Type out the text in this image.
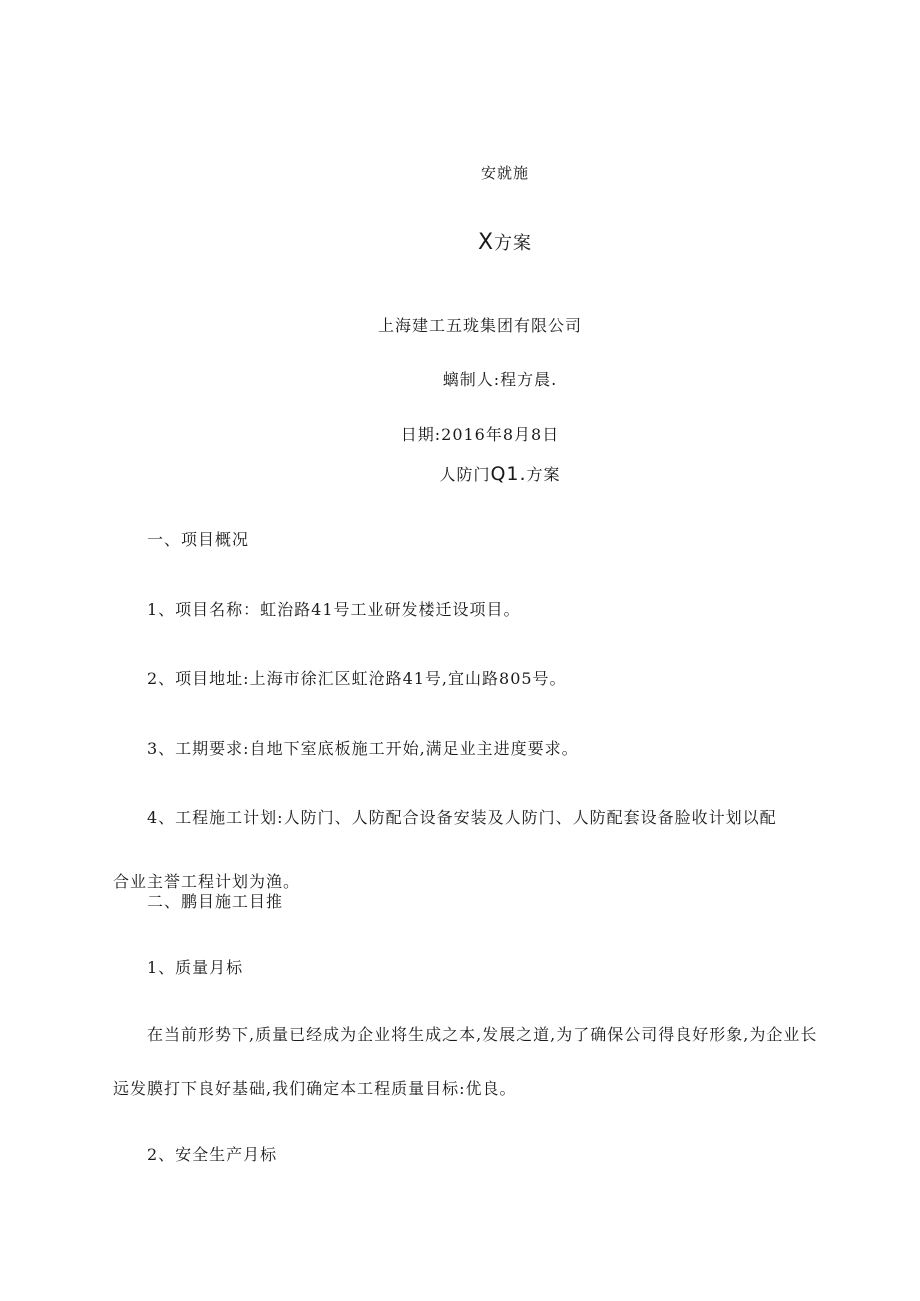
安就施
X方案
上海建工五珑集团有限公司
螭制人:程方晨.
日期:2016年8月8日
人防门Q1.方案
一、项目概况
1、项目名称：虹治路41号工业研发楼迁设项目。
2、项目地址:上海市徐汇区虹沧路41号,宜山路805号。
3、工期要求:自地下室底板施工开始,满足业主进度要求。
4、工程施工计划:人防门、人防配合设备安装及人防门、人防配套设备脸收计划以配
合业主誉工程计划为渔。
二、鹏目施工目推
1、质量月标
在当前形势下,质量已经成为企业将生成之本,发展之道,为了确保公司得良好形象,为企业长
远发膜打下良好基础,我们确定本工程质量目标:优良。
2、安全生产月标
